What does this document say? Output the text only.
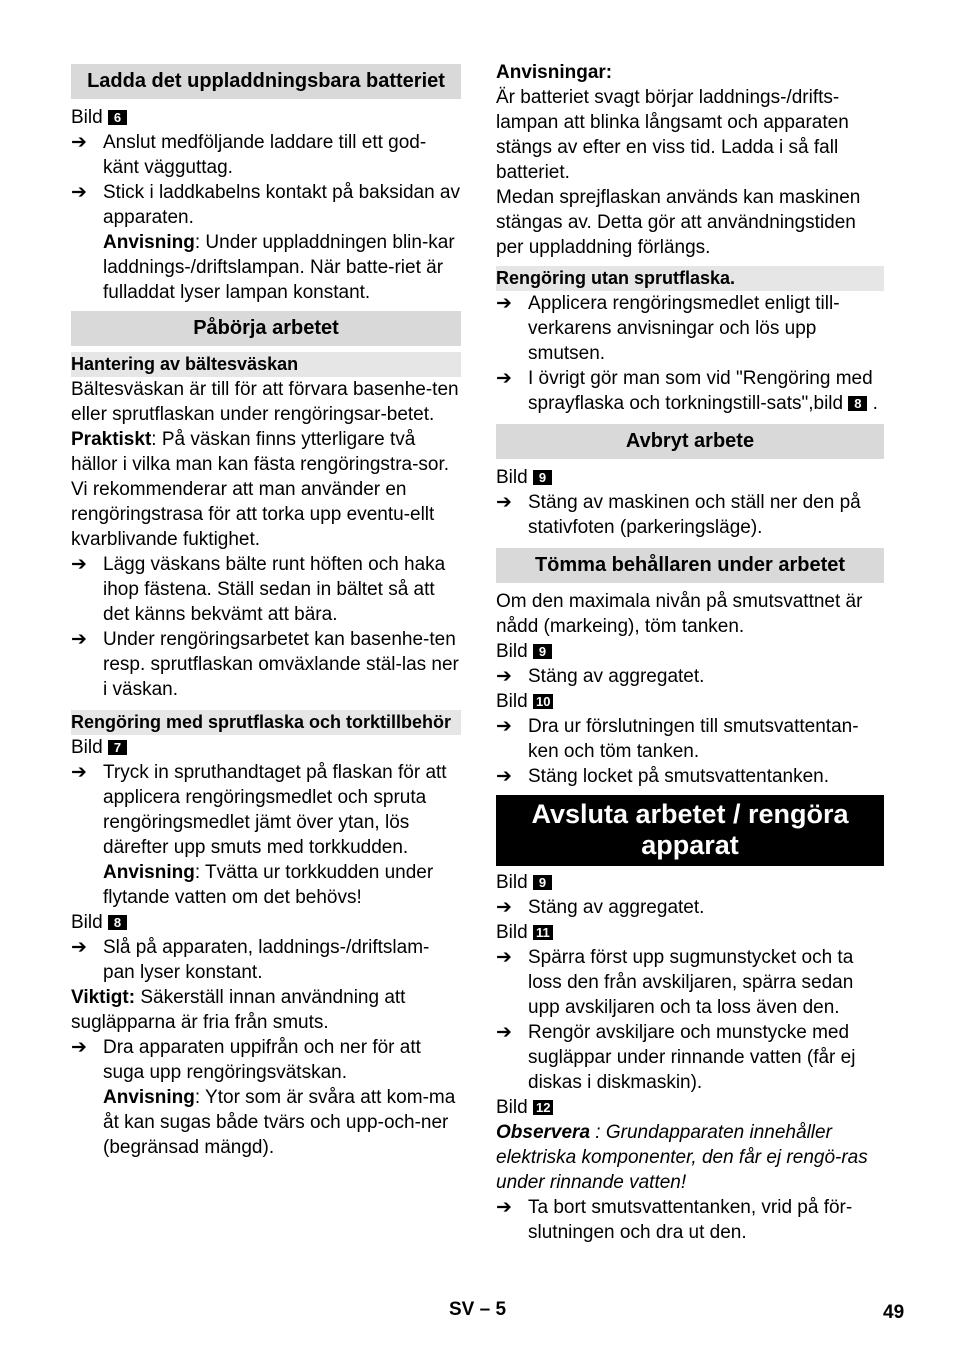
Ladda det uppladdningsbara batteriet
Bild 6
➔ Anslut medföljande laddare till ett god-känt vägguttag.
➔ Stick i laddkabelns kontakt på baksidan av apparaten.
Anvisning: Under uppladdningen blin-kar laddnings-/driftslampan. När batte-riet är fulladdat lyser lampan konstant.
Påbörja arbetet
Hantering av bältesväskan
Bältesväskan är till för att förvara basenhe-ten eller sprutflaskan under rengöringsar-betet.
Praktiskt: På väskan finns ytterligare två hällor i vilka man kan fästa rengöringstra-sor. Vi rekommenderar att man använder en rengöringstrasa för att torka upp eventu-ellt kvarblivande fuktighet.
➔ Lägg väskans bälte runt höften och haka ihop fästena. Ställ sedan in bältet så att det känns bekvämt att bära.
➔ Under rengöringsarbetet kan basenhe-ten resp. sprutflaskan omväxlande stäl-las ner i väskan.
Rengöring med sprutflaska och torktillbehör
Bild 7
➔ Tryck in spruthandtaget på flaskan för att applicera rengöringsmedlet och spruta rengöringsmedlet jämt över ytan, lös därefter upp smuts med torkkudden.
Anvisning: Tvätta ur torkkudden under flytande vatten om det behövs!
Bild 8
➔ Slå på apparaten, laddnings-/driftslam-pan lyser konstant.
Viktigt: Säkerställ innan användning att sugläpparna är fria från smuts.
➔ Dra apparaten uppifrån och ner för att suga upp rengöringsvätskan.
Anvisning: Ytor som är svåra att kom-ma åt kan sugas både tvärs och upp-och-ner (begränsad mängd).
Anvisningar:
Är batteriet svagt börjar laddnings-/drifts-lampan att blinka långsamt och apparaten stängs av efter en viss tid. Ladda i så fall batteriet.
Medan sprejflaskan används kan maskinen stängas av. Detta gör att användningstiden per uppladdning förlängs.
Rengöring utan sprutflaska.
➔ Applicera rengöringsmedlet enligt till-verkarens anvisningar och lös upp smutsen.
➔ I övrigt gör man som vid "Rengöring med sprayflaska och torkningstill-sats",bild 8 .
Avbryt arbete
Bild 9
➔ Stäng av maskinen och ställ ner den på stativfoten (parkeringsläge).
Tömma behållaren under arbetet
Om den maximala nivån på smutsvattnet är nådd (markeing), töm tanken.
Bild 9
➔ Stäng av aggregatet.
Bild 10
➔ Dra ur förslutningen till smutsvattentan-ken och töm tanken.
➔ Stäng locket på smutsvattentanken.
Avsluta arbetet / rengöra apparat
Bild 9
➔ Stäng av aggregatet.
Bild 11
➔ Spärra först upp sugmunstycket och ta loss den från avskiljaren, spärra sedan upp avskiljaren och ta loss även den.
➔ Rengör avskiljare och munstycke med sugläppar under rinnande vatten (får ej diskas i diskmaskin).
Bild 12
Observera : Grundapparaten innehåller elektriska komponenter, den får ej rengö-ras under rinnande vatten!
➔ Ta bort smutsvattentanken, vrid på för-slutningen och dra ut den.
SV – 5	49
